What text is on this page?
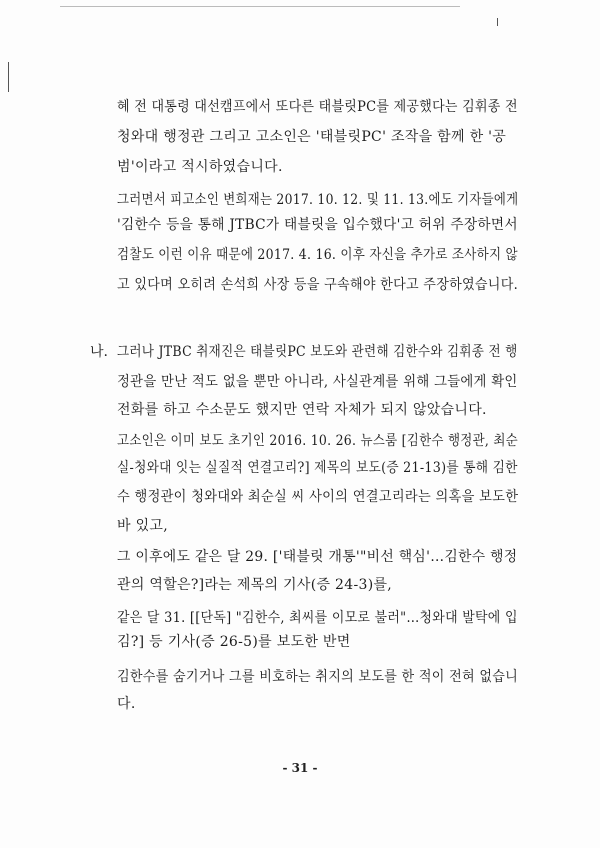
혜 전 대통령 대선캠프에서 또다른 태블릿PC를 제공했다는 김휘종 전
청와대 행정관 그리고 고소인은 '태블릿PC' 조작을 함께 한 '공
범'이라고 적시하였습니다.
그러면서 피고소인 변희재는 2017. 10. 12. 및 11. 13.에도 기자들에게
'김한수 등을 통해 JTBC가 태블릿을 입수했다'고 허위 주장하면서
검찰도 이런 이유 때문에 2017. 4. 16. 이후 자신을 추가로 조사하지 않
고 있다며 오히려 손석희 사장 등을 구속해야 한다고 주장하였습니다.
나. 그러나 JTBC 취재진은 태블릿PC 보도와 관련해 김한수와 김휘종 전 행
정관을 만난 적도 없을 뿐만 아니라, 사실관계를 위해 그들에게 확인
전화를 하고 수소문도 했지만 연락 자체가 되지 않았습니다.
고소인은 이미 보도 초기인 2016. 10. 26. 뉴스룸 [김한수 행정관, 최순
실-청와대 잇는 실질적 연결고리?] 제목의 보도(증 21-13)를 통해 김한
수 행정관이 청와대와 최순실 씨 사이의 연결고리라는 의혹을 보도한
바 있고,
그 이후에도 같은 달 29. ['태블릿 개통'"비선 핵심'…김한수 행정
관의 역할은?]라는 제목의 기사(증 24-3)를,
같은 달 31. [[단독] "김한수, 최씨를 이모로 불러"…청와대 발탁에 입
김?] 등 기사(증 26-5)를 보도한 반면
김한수를 숨기거나 그를 비호하는 취지의 보도를 한 적이 전혀 없습니
다.
- 31 -
